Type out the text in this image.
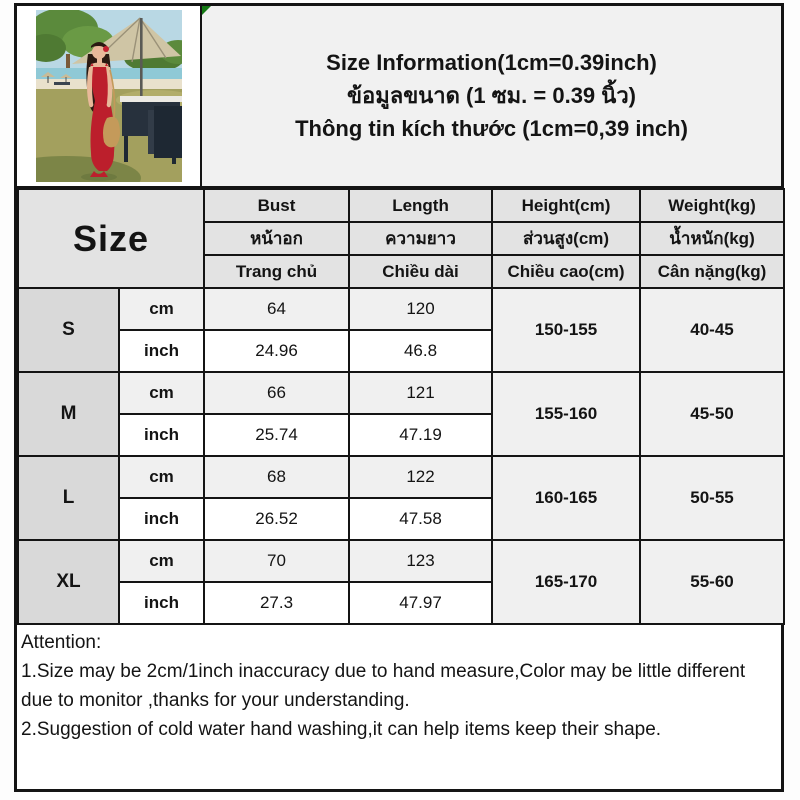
Size Information(1cm=0.39inch)
ข้อมูลขนาด (1 ซม. = 0.39 นิ้ว)
Thông tin kích thước (1cm=0,39 inch)
Size		Bust	Length	Height(cm)	Weight(kg)
		หน้าอก	ความยาว	ส่วนสูง(cm)	น้ำหนัก(kg)
		Trang chủ	Chiều dài	Chiều cao(cm)	Cân nặng(kg)
S	cm	64	120	150-155	40-45
	inch	24.96	46.8		
M	cm	66	121	155-160	45-50
	inch	25.74	47.19		
L	cm	68	122	160-165	50-55
	inch	26.52	47.58		
XL	cm	70	123	165-170	55-60
	inch	27.3	47.97		
Attention:
1.Size may be 2cm/1inch inaccuracy due to hand measure,Color may be little different
due to monitor ,thanks for your understanding.
2.Suggestion of cold water hand washing,it can help items keep their shape.
